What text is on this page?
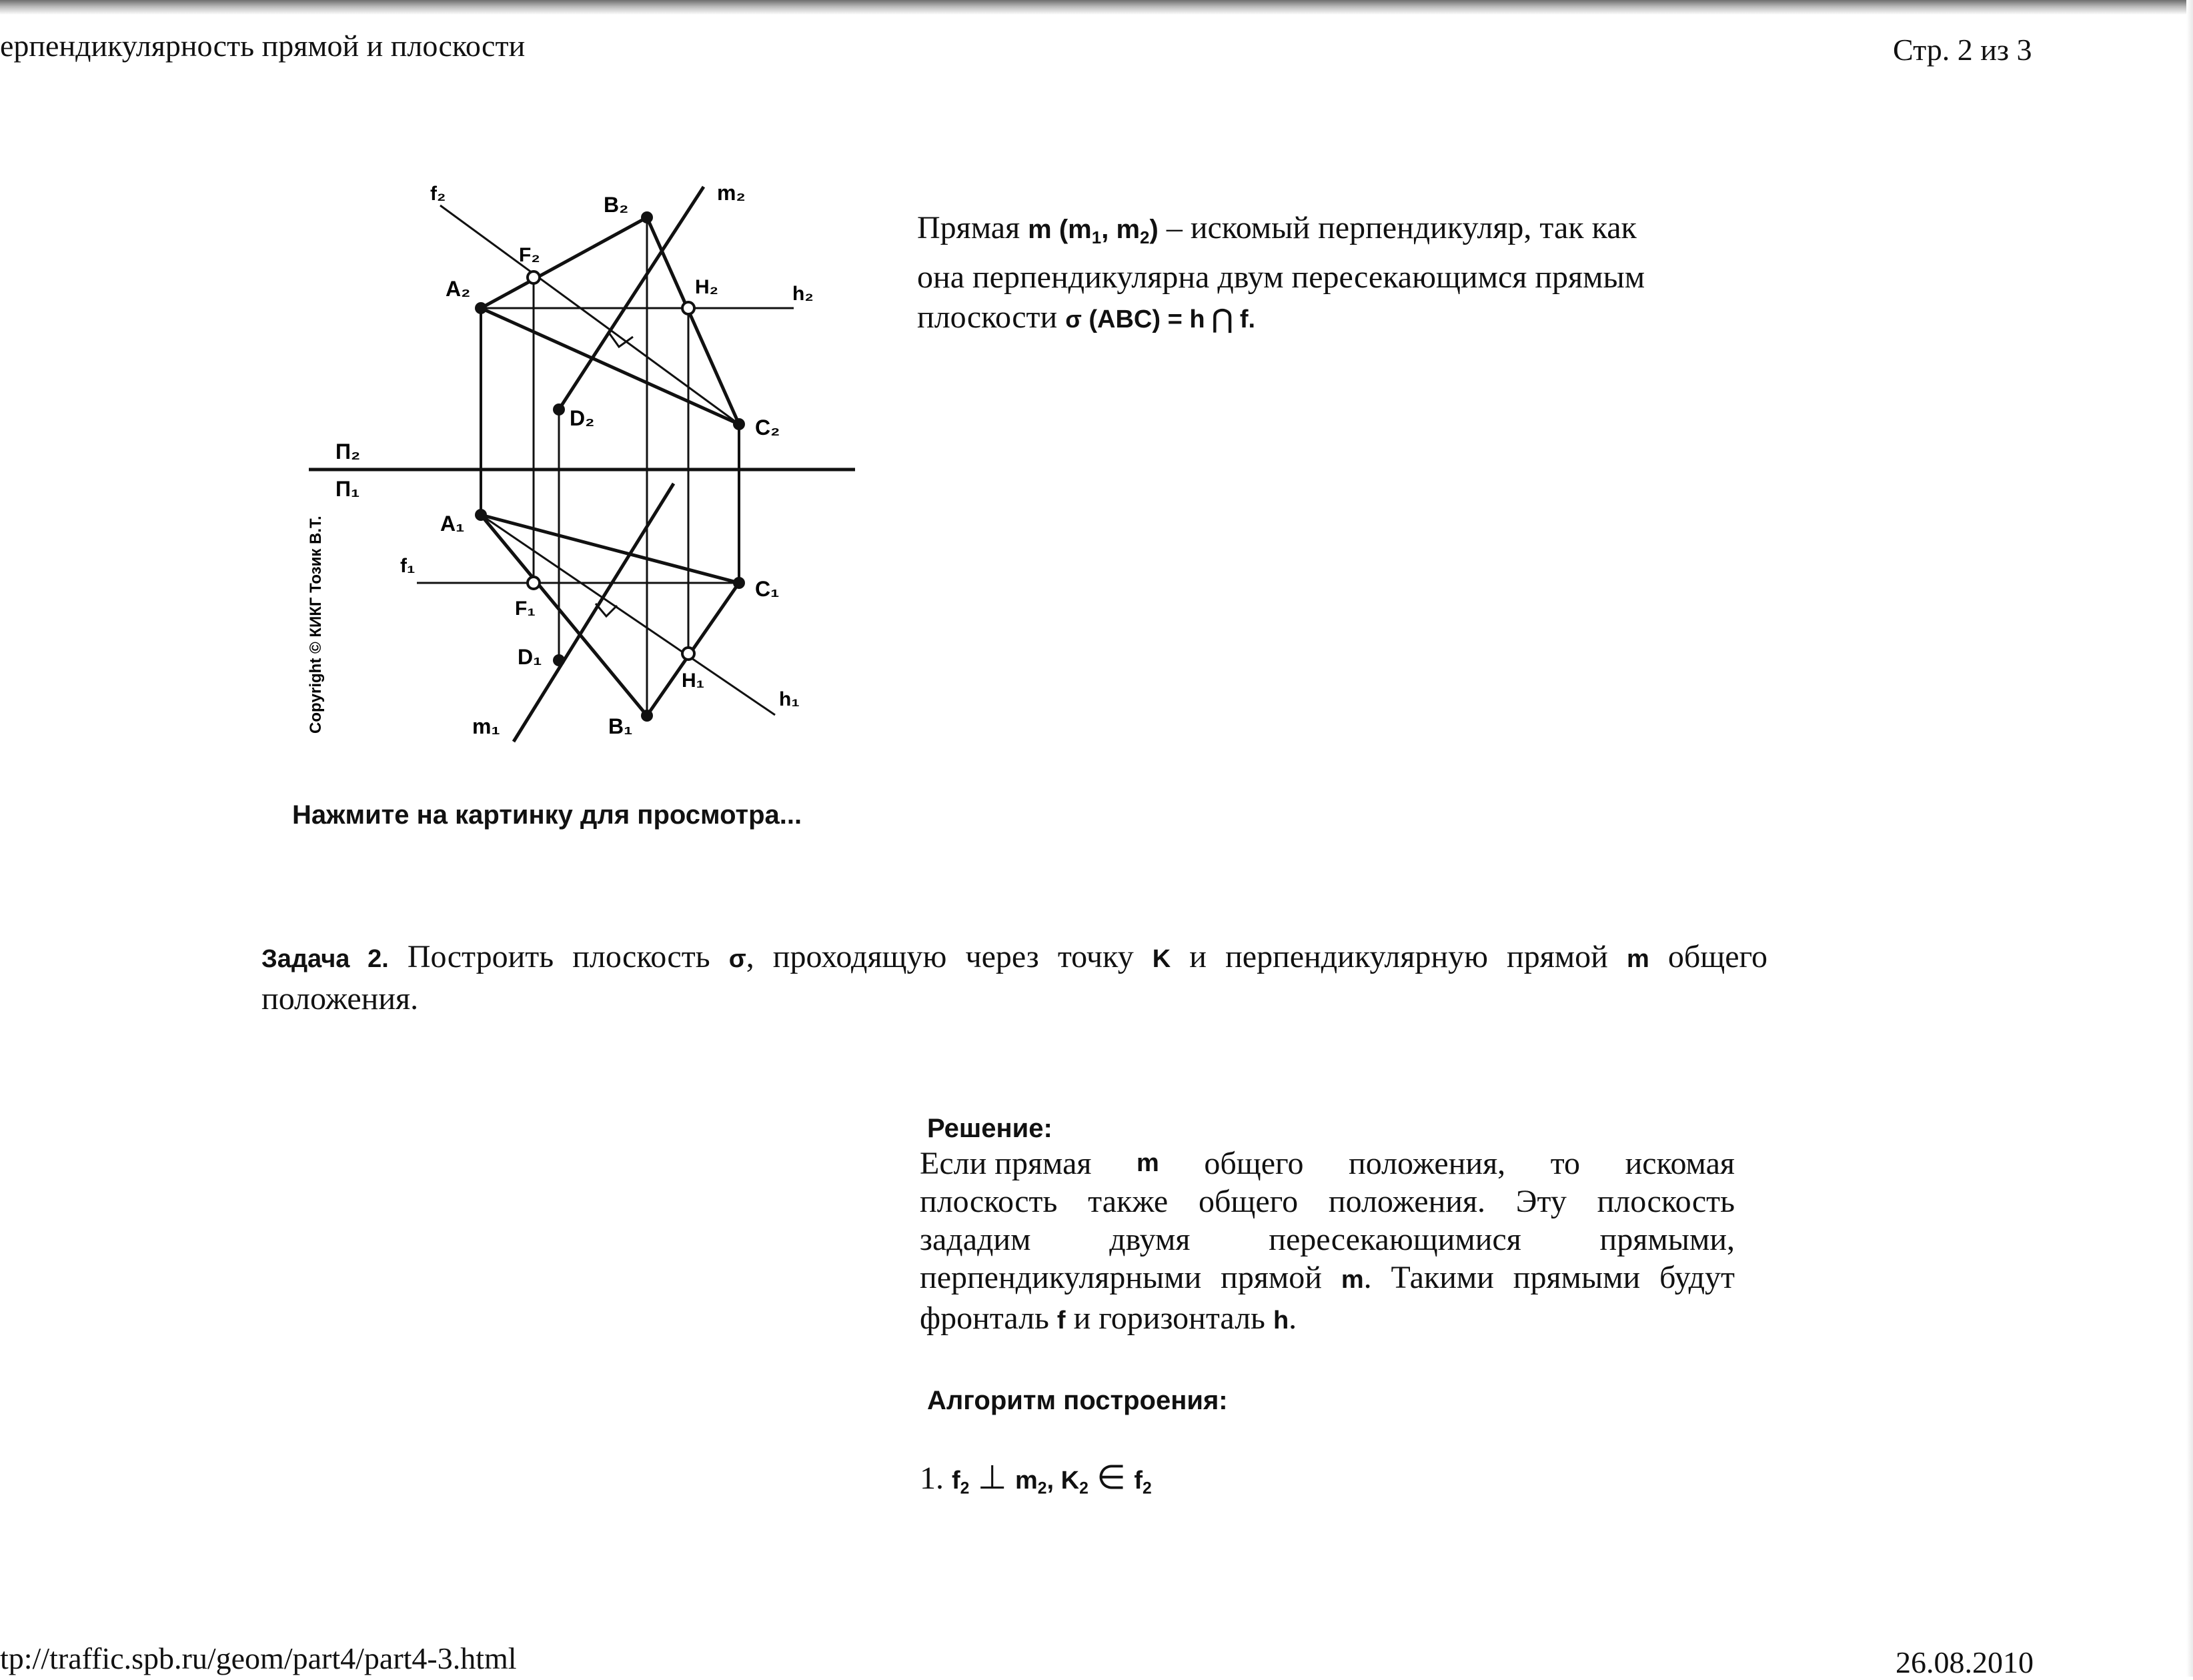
ерпендикулярность прямой и плоскости	Стр. 2 из 3
f₂	B₂	m₂
F₂
A₂	H₂	h₂
D₂	C₂
П₂
П₁
A₁
f₁
C₁
F₁
D₁
H₁
h₁
m₁	B₁
Copyright © КИКГ Тозик В.Т.
Нажмите на картинку для просмотра...
Прямая m ($m_1$, $m_2$) – искомый перпендикуляр, так как
она перпендикулярна двум пересекающимся прямым
плоскости σ (ABC) = h ⋂ f.
Задача 2. Построить плоскость σ, проходящую через точку K и перпендикулярную прямой m общего
положения.
Решение:
Если прямая m общего положения, то искомая
плоскость также общего положения. Эту плоскость
зададим двумя пересекающимися прямыми,
перпендикулярными прямой m. Такими прямыми будут
фронталь f и горизонталь h.
Алгоритм построения:
1. $f_2$ ⊥ $m_2$, $K_2$ ∈ $f_2$
tp://traffic.spb.ru/geom/part4/part4-3.html	26.08.2010
